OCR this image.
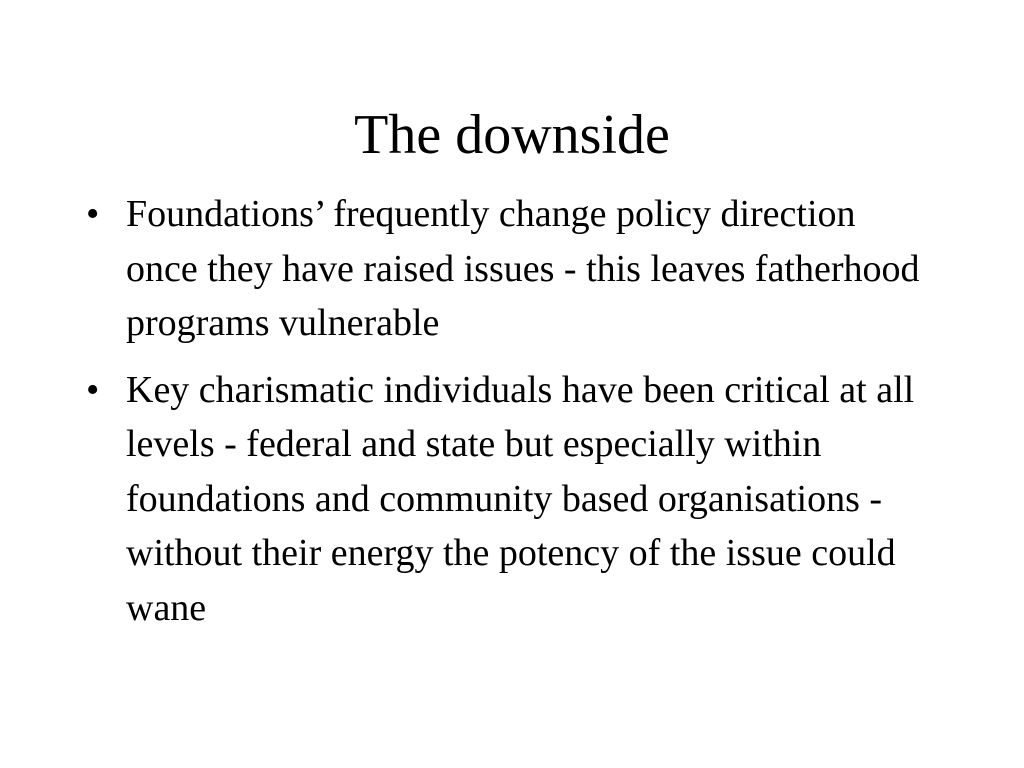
The downside
• Foundations’ frequently change policy direction once they have raised issues - this leaves fatherhood programs vulnerable
• Key charismatic individuals have been critical at all levels - federal and state but especially within foundations and community based organisations - without their energy the potency of the issue could wane
